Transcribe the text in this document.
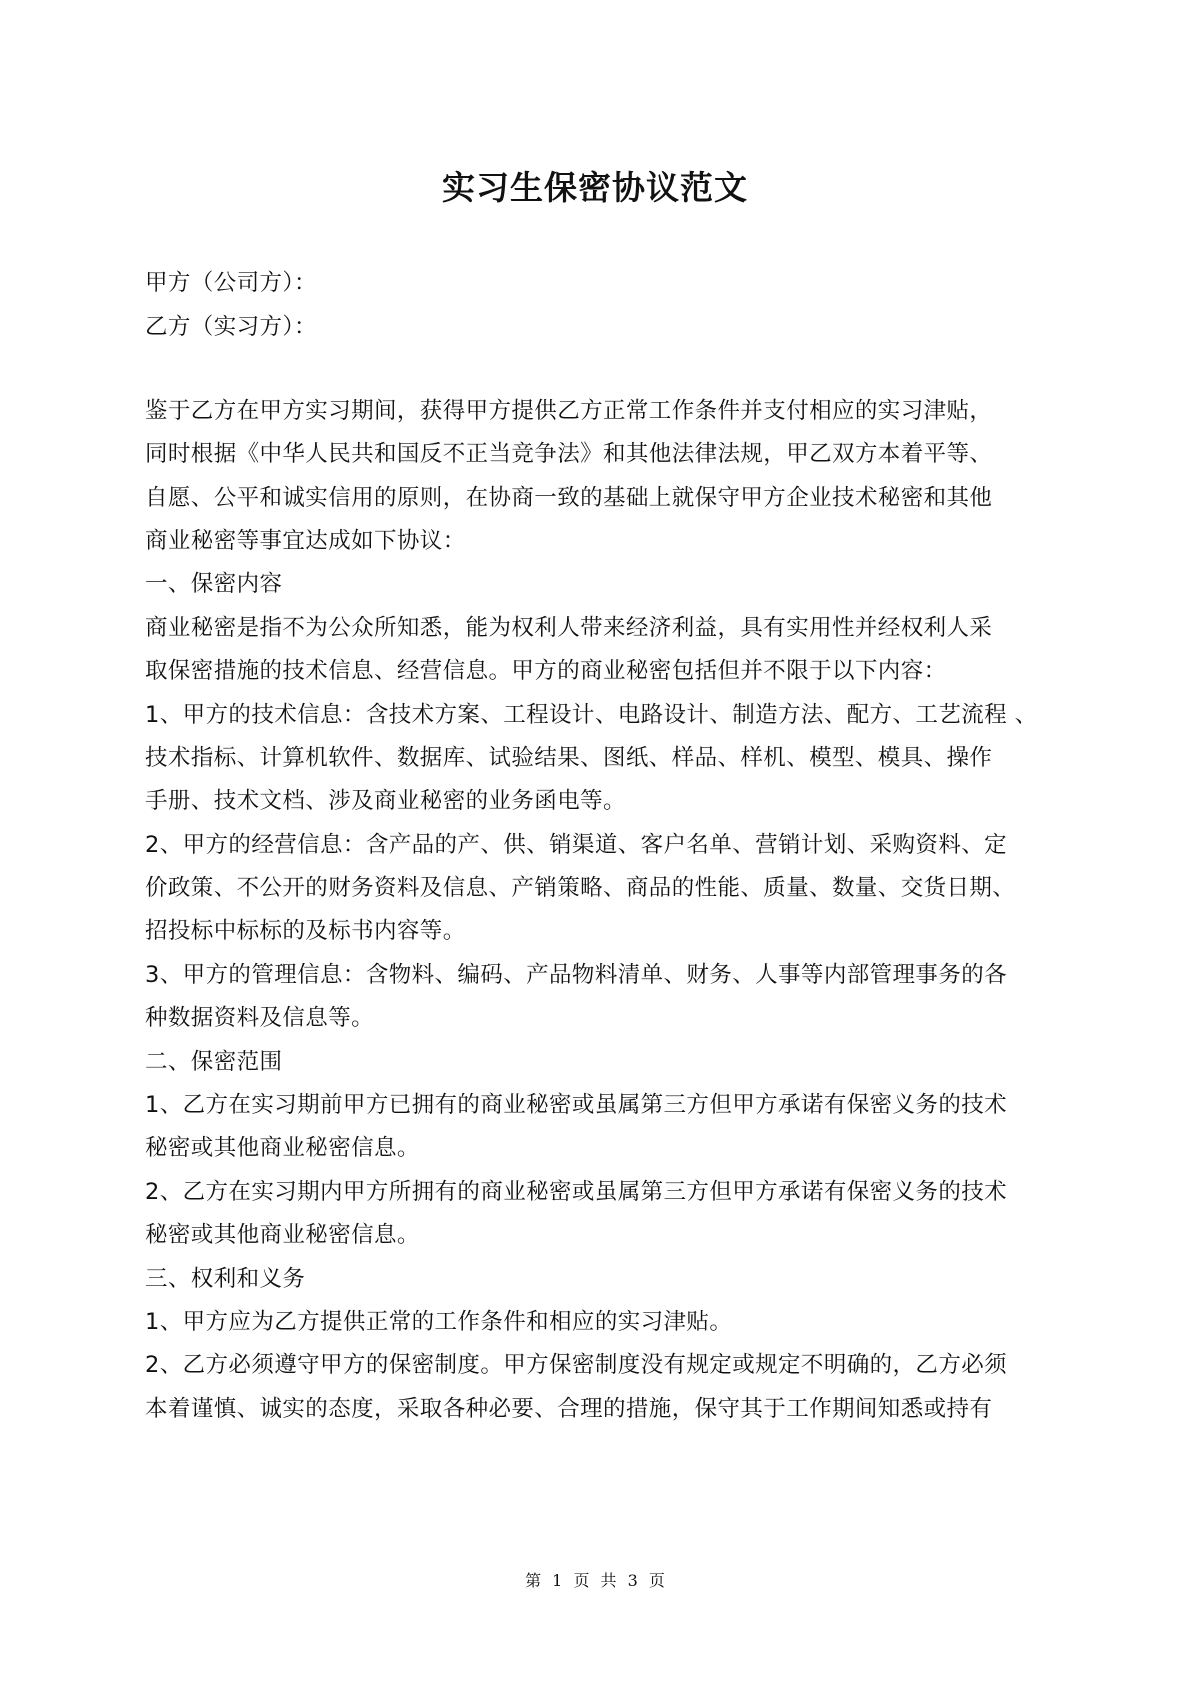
实习生保密协议范文
甲方（公司方）：
乙方（实习方）：
鉴于乙方在甲方实习期间，获得甲方提供乙方正常工作条件并支付相应的实习津贴，
同时根据《中华人民共和国反不正当竞争法》和其他法律法规，甲乙双方本着平等、
自愿、公平和诚实信用的原则，在协商一致的基础上就保守甲方企业技术秘密和其他
商业秘密等事宜达成如下协议：
一、保密内容
商业秘密是指不为公众所知悉，能为权利人带来经济利益，具有实用性并经权利人采
取保密措施的技术信息、经营信息。甲方的商业秘密包括但并不限于以下内容：
1、甲方的技术信息：含技术方案、工程设计、电路设计、制造方法、配方、工艺流程 、
技术指标、计算机软件、数据库、试验结果、图纸、样品、样机、模型、模具、操作
手册、技术文档、涉及商业秘密的业务函电等。
2、甲方的经营信息：含产品的产、供、销渠道、客户名单、营销计划、采购资料、定
价政策、不公开的财务资料及信息、产销策略、商品的性能、质量、数量、交货日期、
招投标中标标的及标书内容等。
3、甲方的管理信息：含物料、编码、产品物料清单、财务、人事等内部管理事务的各
种数据资料及信息等。
二、保密范围
1、乙方在实习期前甲方已拥有的商业秘密或虽属第三方但甲方承诺有保密义务的技术
秘密或其他商业秘密信息。
2、乙方在实习期内甲方所拥有的商业秘密或虽属第三方但甲方承诺有保密义务的技术
秘密或其他商业秘密信息。
三、权利和义务
1、甲方应为乙方提供正常的工作条件和相应的实习津贴。
2、乙方必须遵守甲方的保密制度。甲方保密制度没有规定或规定不明确的，乙方必须
本着谨慎、诚实的态度，采取各种必要、合理的措施，保守其于工作期间知悉或持有
第 1 页 共 3 页
